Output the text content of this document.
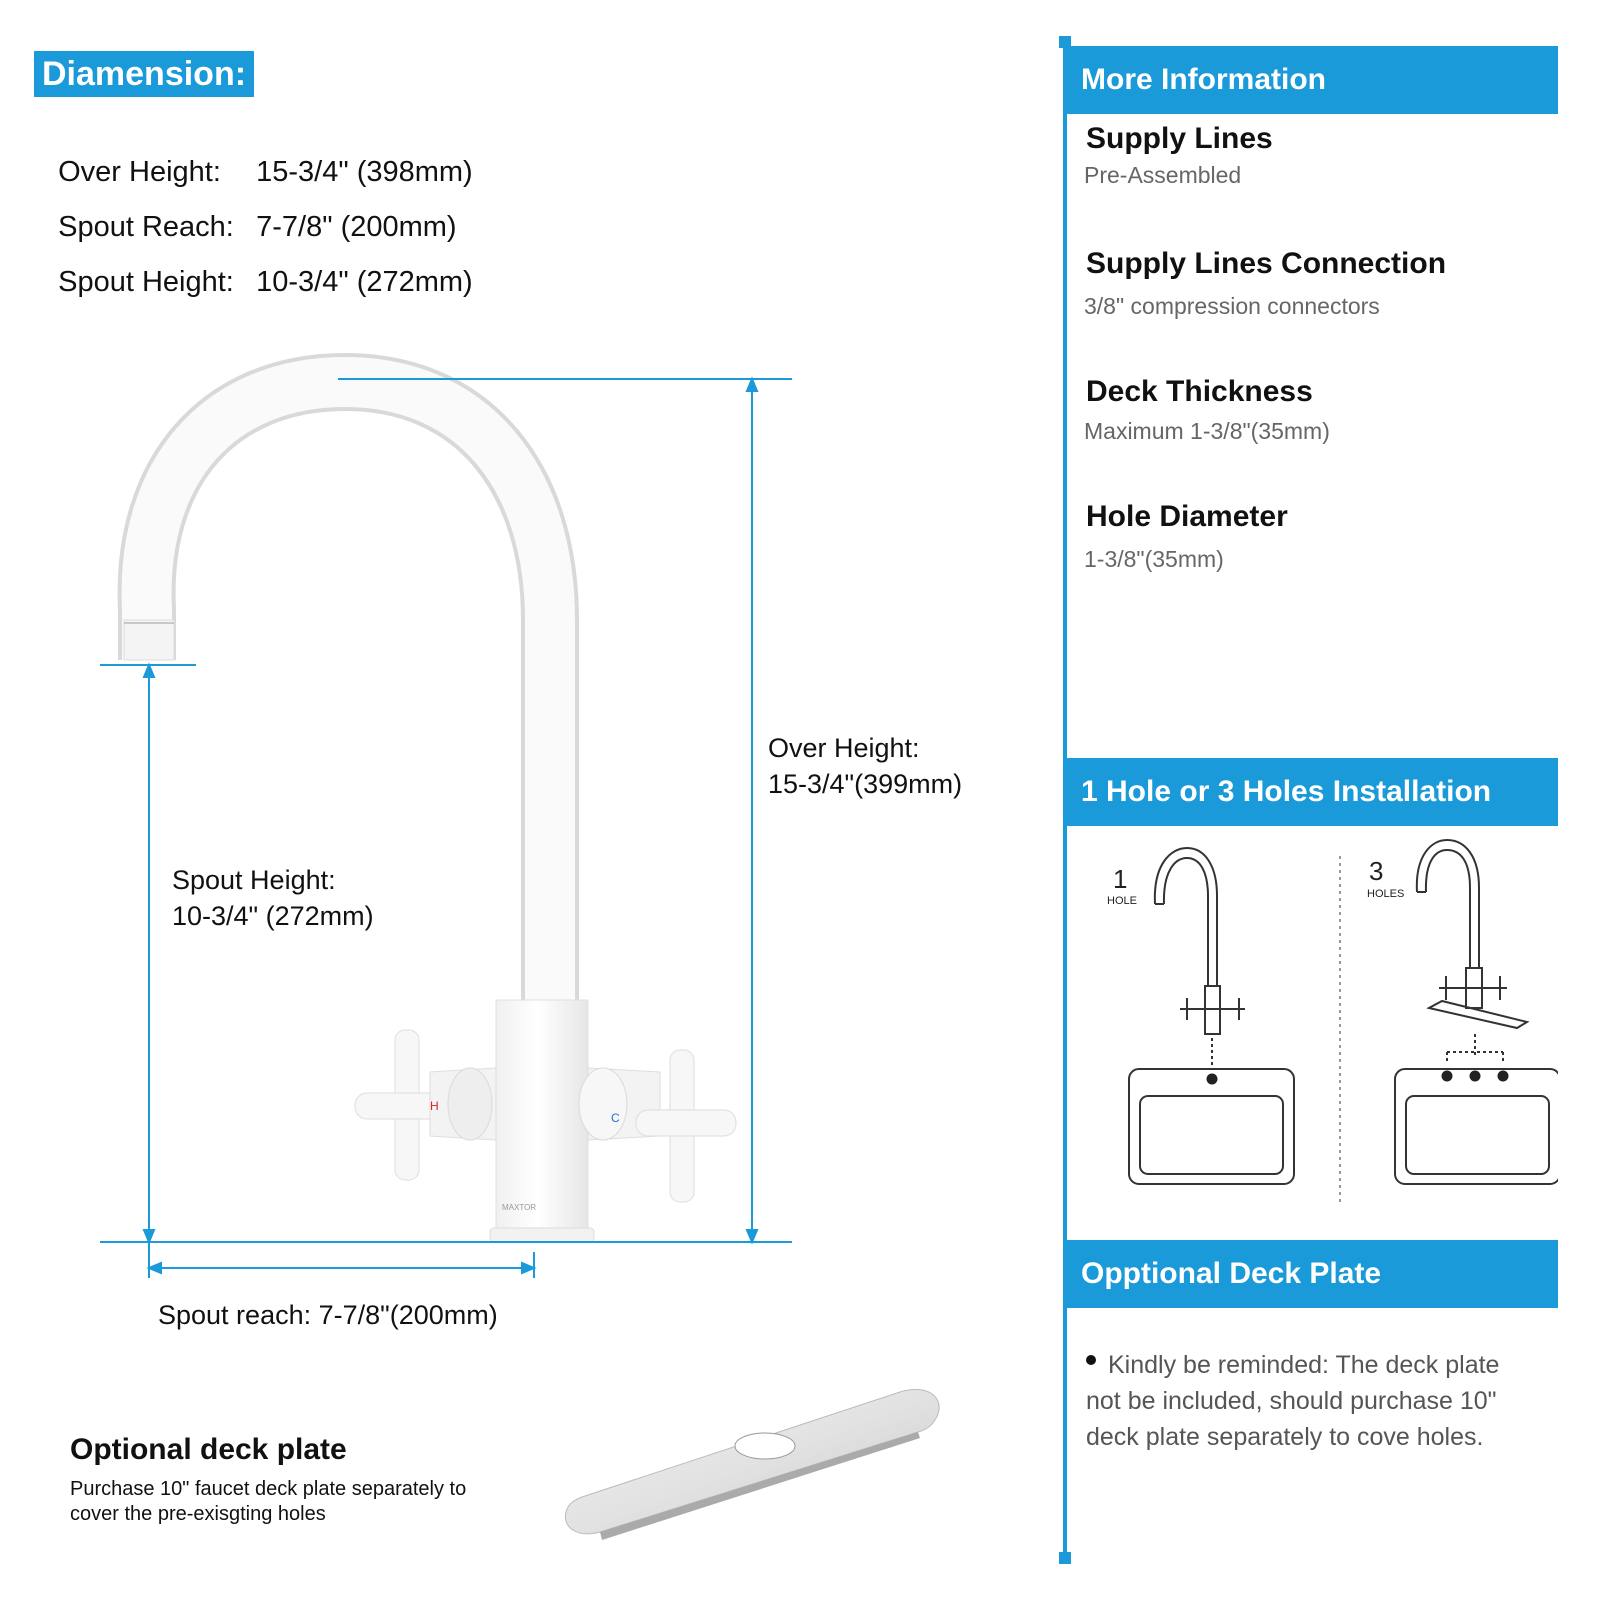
Diamension:

Over Height: 15-3/4" (398mm)

Spout Reach: 7-7/8" (200mm)

Spout Height: 10-3/4" (272mm)

MAXTOR
H
C
Over Height:
15-3/4"(399mm)
Spout Height:
10-3/4" (272mm)
Spout reach: 7-7/8"(200mm)
Optional deck plate
Purchase 10" faucet deck plate separately to
cover the pre-exisgting holes
More Information
Supply Lines
Pre-Assembled
Supply Lines Connection
3/8" compression connectors
Deck Thickness
Maximum 1-3/8"(35mm)
Hole Diameter
1-3/8"(35mm)
1 Hole or 3 Holes Installation
1
HOLE
3
HOLES
Opptional Deck Plate
Kindly be reminded: The deck plate
not be included, should purchase 10"
deck plate separately to cove holes.
